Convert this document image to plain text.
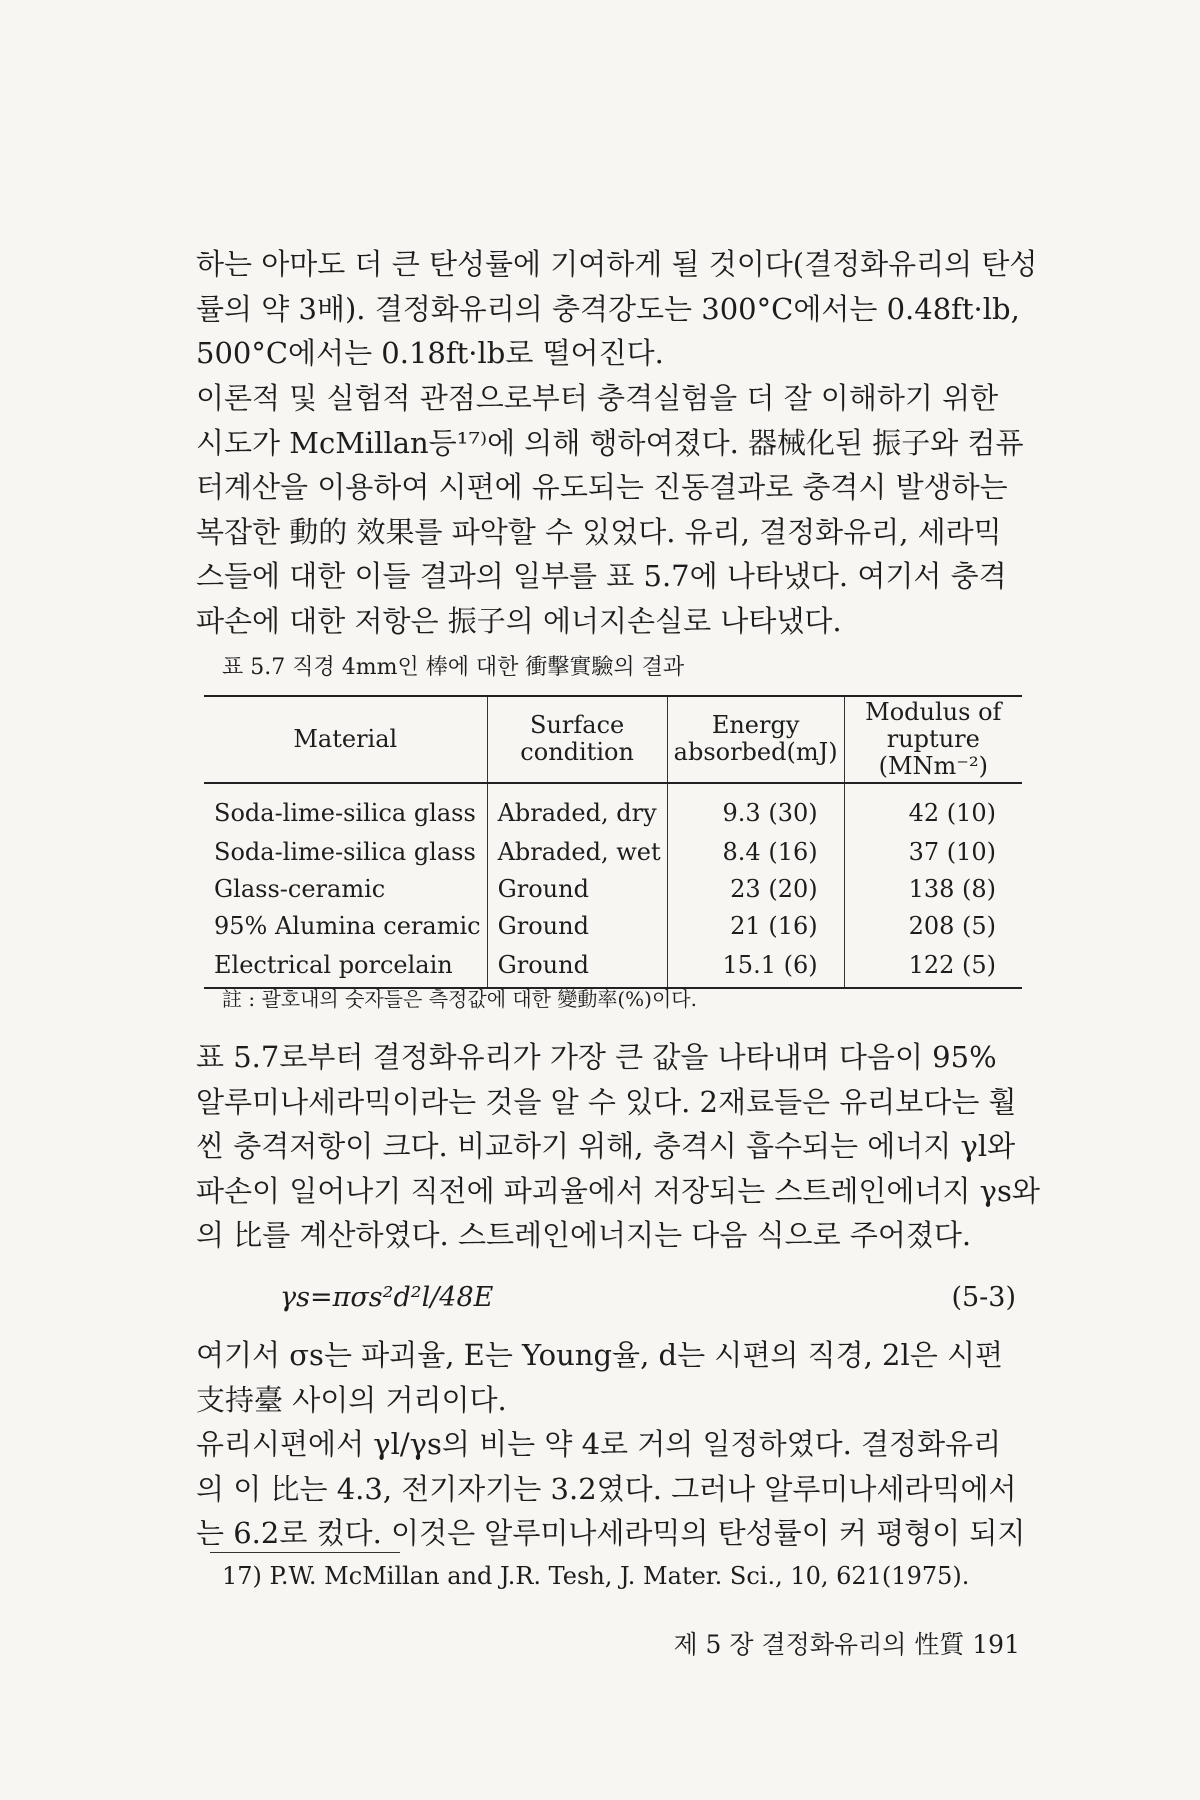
하는 아마도 더 큰 탄성률에 기여하게 될 것이다(결정화유리의 탄성
률의 약 3배). 결정화유리의 충격강도는 300°C에서는 0.48ft·lb,
500°C에서는 0.18ft·lb로 떨어진다.

이론적 및 실험적 관점으로부터 충격실험을 더 잘 이해하기 위한
시도가 McMillan등¹⁷⁾에 의해 행하여졌다. 器械化된 振子와 컴퓨
터계산을 이용하여 시편에 유도되는 진동결과로 충격시 발생하는
복잡한 動的 效果를 파악할 수 있었다. 유리, 결정화유리, 세라믹
스들에 대한 이들 결과의 일부를 표 5.7에 나타냈다. 여기서 충격
파손에 대한 저항은 振子의 에너지손실로 나타냈다.

표 5.7 직경 4mm인 棒에 대한 衝擊實驗의 결과
Material	Surface condition	Energy absorbed(mJ)	Modulus of rupture (MNm⁻²)
Soda-lime-silica glass	Abraded, dry	9.3 (30)	42 (10)
Soda-lime-silica glass	Abraded, wet	8.4 (16)	37 (10)
Glass-ceramic	Ground	23 (20)	138 (8)
95% Alumina ceramic	Ground	21 (16)	208 (5)
Electrical porcelain	Ground	15.1 (6)	122 (5)
註 : 괄호내의 숫자들은 측정값에 대한 變動率(%)이다.

표 5.7로부터 결정화유리가 가장 큰 값을 나타내며 다음이 95%
알루미나세라믹이라는 것을 알 수 있다. 2재료들은 유리보다는 훨
씬 충격저항이 크다. 비교하기 위해, 충격시 흡수되는 에너지 γl와
파손이 일어나기 직전에 파괴율에서 저장되는 스트레인에너지 γs와
의 比를 계산하였다. 스트레인에너지는 다음 식으로 주어졌다.

γs=πσs²d²l/48E	(5-3)

여기서 σs는 파괴율, E는 Young율, d는 시편의 직경, 2l은 시편
支持臺 사이의 거리이다.

유리시편에서 γl/γs의 비는 약 4로 거의 일정하였다. 결정화유리
의 이 比는 4.3, 전기자기는 3.2였다. 그러나 알루미나세라믹에서
는 6.2로 컸다. 이것은 알루미나세라믹의 탄성률이 커 평형이 되지

17) P.W. McMillan and J.R. Tesh, J. Mater. Sci., 10, 621(1975).
제 5 장 결정화유리의 性質 191
